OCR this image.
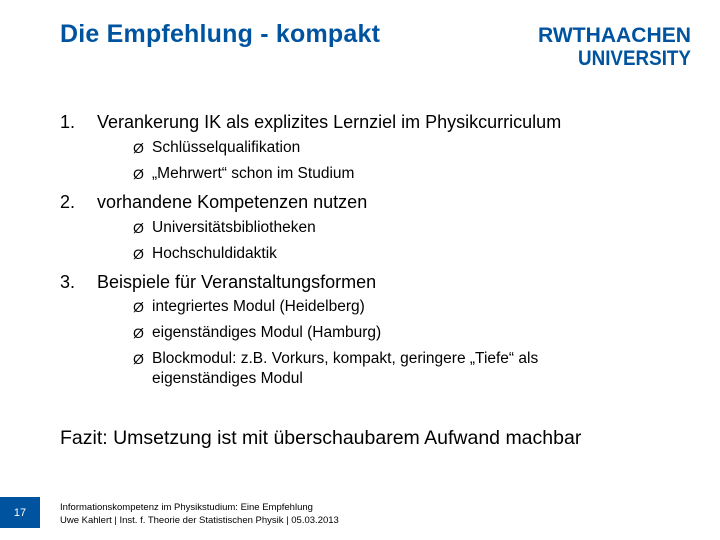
Die Empfehlung - kompakt	RWTHAACHEN
UNIVERSITY
1.	Verankerung IK als explizites Lernziel im Physikcurriculum
Ø Schlüsselqualifikation
Ø „Mehrwert“ schon im Studium
2.	vorhandene Kompetenzen nutzen
Ø Universitätsbibliotheken
Ø Hochschuldidaktik
3.	Beispiele für Veranstaltungsformen
Ø integriertes Modul (Heidelberg)
Ø eigenständiges Modul (Hamburg)
Ø Blockmodul: z.B. Vorkurs, kompakt, geringere „Tiefe“ als eigenständiges Modul
Fazit: Umsetzung ist mit überschaubarem Aufwand machbar
17	Informationskompetenz im Physikstudium: Eine Empfehlung
Uwe Kahlert | Inst. f. Theorie der Statistischen Physik | 05.03.2013
